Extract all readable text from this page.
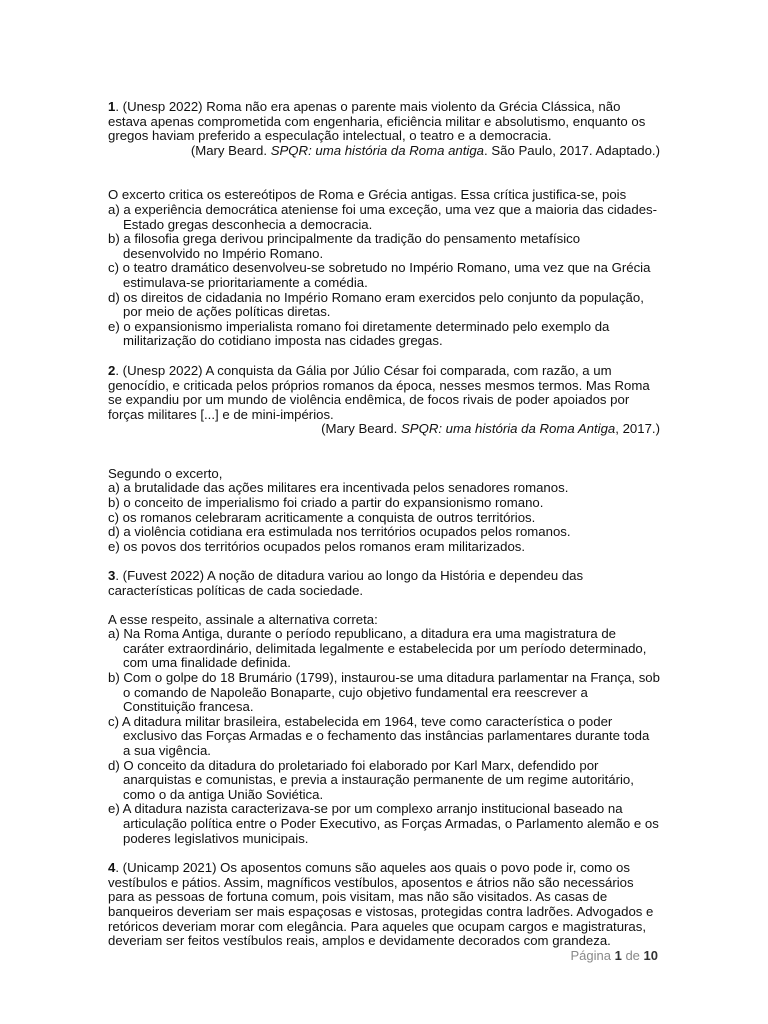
1. (Unesp 2022) Roma não era apenas o parente mais violento da Grécia Clássica, não estava apenas comprometida com engenharia, eficiência militar e absolutismo, enquanto os gregos haviam preferido a especulação intelectual, o teatro e a democracia.

(Mary Beard. SPQR: uma história da Roma antiga. São Paulo, 2017. Adaptado.)

O excerto critica os estereótipos de Roma e Grécia antigas. Essa crítica justifica-se, pois

a) a experiência democrática ateniense foi uma exceção, uma vez que a maioria das cidades-Estado gregas desconhecia a democracia.
b) a filosofia grega derivou principalmente da tradição do pensamento metafísico desenvolvido no Império Romano.
c) o teatro dramático desenvolveu-se sobretudo no Império Romano, uma vez que na Grécia estimulava-se prioritariamente a comédia.
d) os direitos de cidadania no Império Romano eram exercidos pelo conjunto da população, por meio de ações políticas diretas.
e) o expansionismo imperialista romano foi diretamente determinado pelo exemplo da militarização do cotidiano imposta nas cidades gregas.

2. (Unesp 2022) A conquista da Gália por Júlio César foi comparada, com razão, a um genocídio, e criticada pelos próprios romanos da época, nesses mesmos termos. Mas Roma se expandiu por um mundo de violência endêmica, de focos rivais de poder apoiados por forças militares [...] e de mini-impérios.

(Mary Beard. SPQR: uma história da Roma Antiga, 2017.)

Segundo o excerto,

a) a brutalidade das ações militares era incentivada pelos senadores romanos.
b) o conceito de imperialismo foi criado a partir do expansionismo romano.
c) os romanos celebraram acriticamente a conquista de outros territórios.
d) a violência cotidiana era estimulada nos territórios ocupados pelos romanos.
e) os povos dos territórios ocupados pelos romanos eram militarizados.

3. (Fuvest 2022) A noção de ditadura variou ao longo da História e dependeu das características políticas de cada sociedade.

A esse respeito, assinale a alternativa correta:

a) Na Roma Antiga, durante o período republicano, a ditadura era uma magistratura de caráter extraordinário, delimitada legalmente e estabelecida por um período determinado, com uma finalidade definida.
b) Com o golpe do 18 Brumário (1799), instaurou-se uma ditadura parlamentar na França, sob o comando de Napoleão Bonaparte, cujo objetivo fundamental era reescrever a Constituição francesa.
c) A ditadura militar brasileira, estabelecida em 1964, teve como característica o poder exclusivo das Forças Armadas e o fechamento das instâncias parlamentares durante toda a sua vigência.
d) O conceito da ditadura do proletariado foi elaborado por Karl Marx, defendido por anarquistas e comunistas, e previa a instauração permanente de um regime autoritário, como o da antiga União Soviética.
e) A ditadura nazista caracterizava-se por um complexo arranjo institucional baseado na articulação política entre o Poder Executivo, as Forças Armadas, o Parlamento alemão e os poderes legislativos municipais.

4. (Unicamp 2021) Os aposentos comuns são aqueles aos quais o povo pode ir, como os vestíbulos e pátios. Assim, magníficos vestíbulos, aposentos e átrios não são necessários para as pessoas de fortuna comum, pois visitam, mas não são visitados. As casas de banqueiros deveriam ser mais espaçosas e vistosas, protegidas contra ladrões. Advogados e retóricos deveriam morar com elegância. Para aqueles que ocupam cargos e magistraturas, deveriam ser feitos vestíbulos reais, amplos e devidamente decorados com grandeza.

Página 1 de 10
